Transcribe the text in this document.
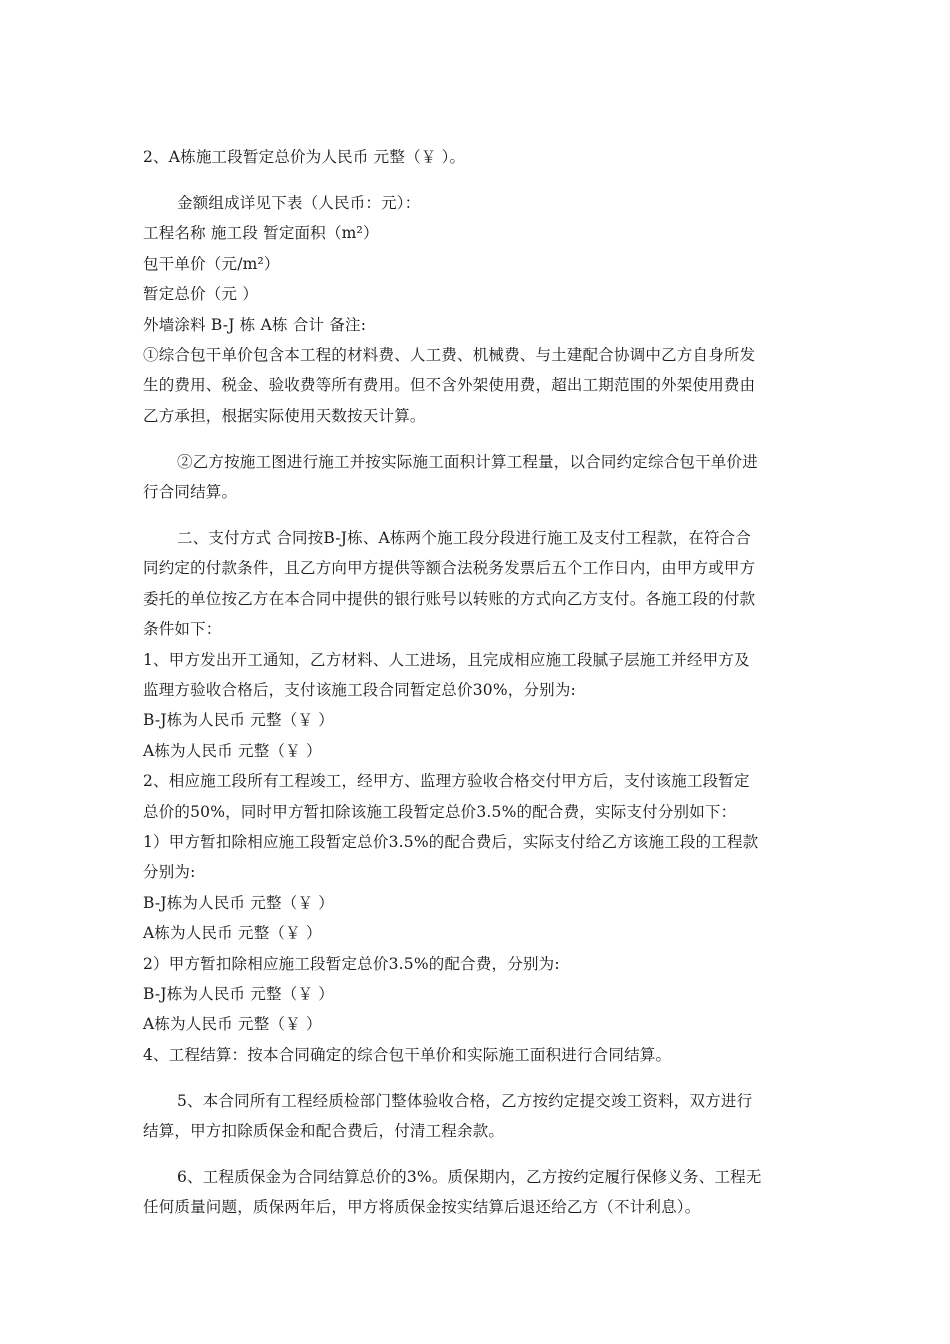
2、A栋施工段暂定总价为人民币 元整（￥ ）。
金额组成详见下表（人民币：元）：
工程名称 施工段 暂定面积（m²）
包干单价（元/m²）
暂定总价（元 ）
外墙涂料 B-J 栋 A栋 合计 备注:
①综合包干单价包含本工程的材料费、人工费、机械费、与土建配合协调中乙方自身所发
生的费用、税金、验收费等所有费用。但不含外架使用费，超出工期范围的外架使用费由
乙方承担，根据实际使用天数按天计算。
②乙方按施工图进行施工并按实际施工面积计算工程量，以合同约定综合包干单价进
行合同结算。
二、支付方式 合同按B-J栋、A栋两个施工段分段进行施工及支付工程款，在符合合
同约定的付款条件，且乙方向甲方提供等额合法税务发票后五个工作日内，由甲方或甲方
委托的单位按乙方在本合同中提供的银行账号以转账的方式向乙方支付。各施工段的付款
条件如下：
1、甲方发出开工通知，乙方材料、人工进场，且完成相应施工段腻子层施工并经甲方及
监理方验收合格后，支付该施工段合同暂定总价30%，分别为:
B-J栋为人民币 元整（￥ ）
A栋为人民币 元整（￥ ）
2、相应施工段所有工程竣工，经甲方、监理方验收合格交付甲方后，支付该施工段暂定
总价的50%，同时甲方暂扣除该施工段暂定总价3.5%的配合费，实际支付分别如下：
1）甲方暂扣除相应施工段暂定总价3.5%的配合费后，实际支付给乙方该施工段的工程款
分别为:
B-J栋为人民币 元整（￥ ）
A栋为人民币 元整（￥ ）
2）甲方暂扣除相应施工段暂定总价3.5%的配合费，分别为:
B-J栋为人民币 元整（￥ ）
A栋为人民币 元整（￥ ）
4、工程结算：按本合同确定的综合包干单价和实际施工面积进行合同结算。
5、本合同所有工程经质检部门整体验收合格，乙方按约定提交竣工资料，双方进行
结算，甲方扣除质保金和配合费后，付清工程余款。
6、工程质保金为合同结算总价的3%。质保期内，乙方按约定履行保修义务、工程无
任何质量问题，质保两年后，甲方将质保金按实结算后退还给乙方（不计利息）。
